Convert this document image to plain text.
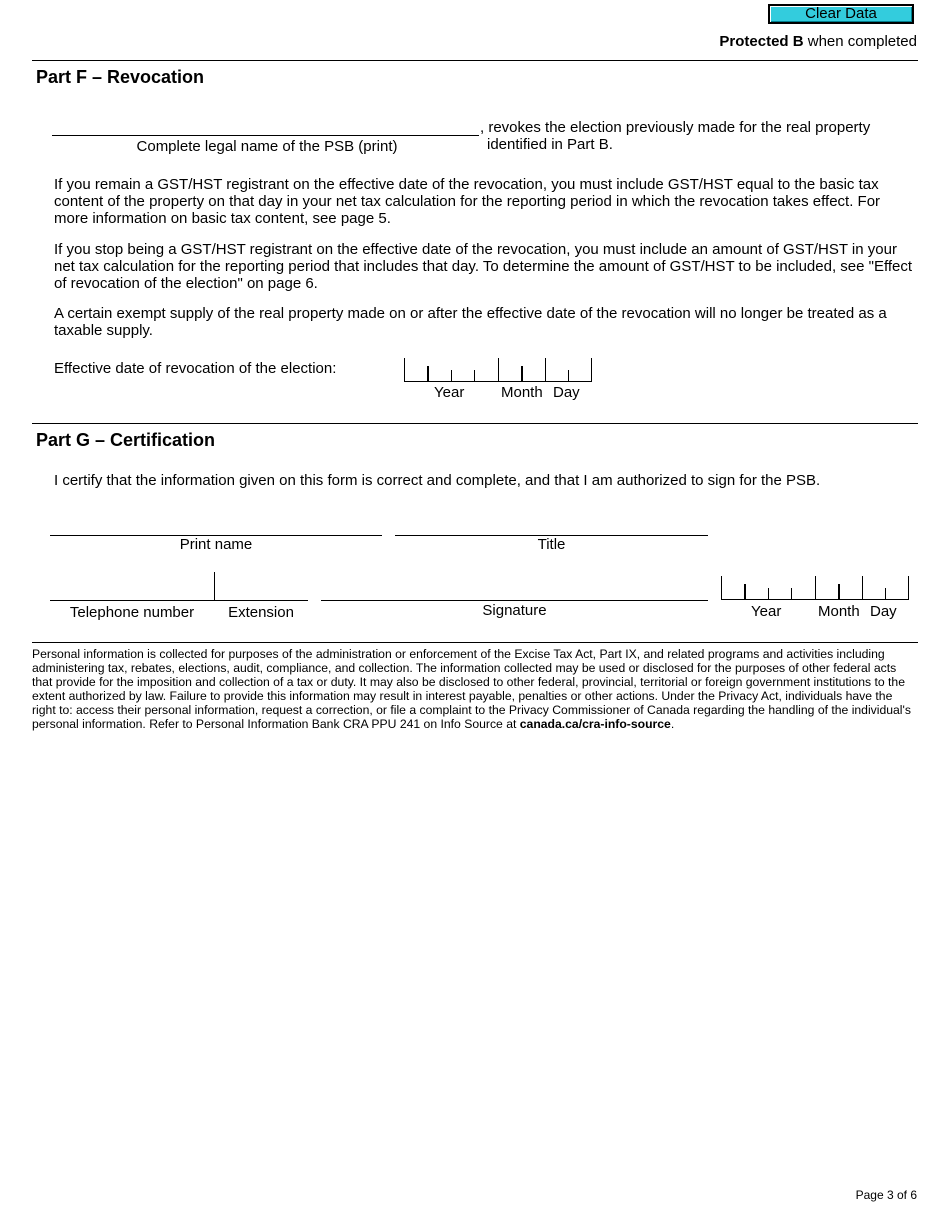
Clear Data
Protected B when completed
Part F – Revocation
Complete legal name of the PSB (print)
, revokes the election previously made for the real property
identified in Part B.
If you remain a GST/HST registrant on the effective date of the revocation, you must include GST/HST equal to the basic tax content of the property on that day in your net tax calculation for the reporting period in which the revocation takes effect. For more information on basic tax content, see page 5.
If you stop being a GST/HST registrant on the effective date of the revocation, you must include an amount of GST/HST in your net tax calculation for the reporting period that includes that day. To determine the amount of GST/HST to be included, see "Effect of revocation of the election" on page 6.
A certain exempt supply of the real property made on or after the effective date of the revocation will no longer be treated as a taxable supply.
Effective date of revocation of the election:
Year Month Day
Part G – Certification
I certify that the information given on this form is correct and complete, and that I am authorized to sign for the PSB.
Print name	Title
Telephone number	Extension	Signature	Year Month Day
Personal information is collected for purposes of the administration or enforcement of the Excise Tax Act, Part IX, and related programs and activities including administering tax, rebates, elections, audit, compliance, and collection. The information collected may be used or disclosed for the purposes of other federal acts that provide for the imposition and collection of a tax or duty. It may also be disclosed to other federal, provincial, territorial or foreign government institutions to the extent authorized by law. Failure to provide this information may result in interest payable, penalties or other actions. Under the Privacy Act, individuals have the right to: access their personal information, request a correction, or file a complaint to the Privacy Commissioner of Canada regarding the handling of the individual's personal information. Refer to Personal Information Bank CRA PPU 241 on Info Source at canada.ca/cra-info-source.
Page 3 of 6
